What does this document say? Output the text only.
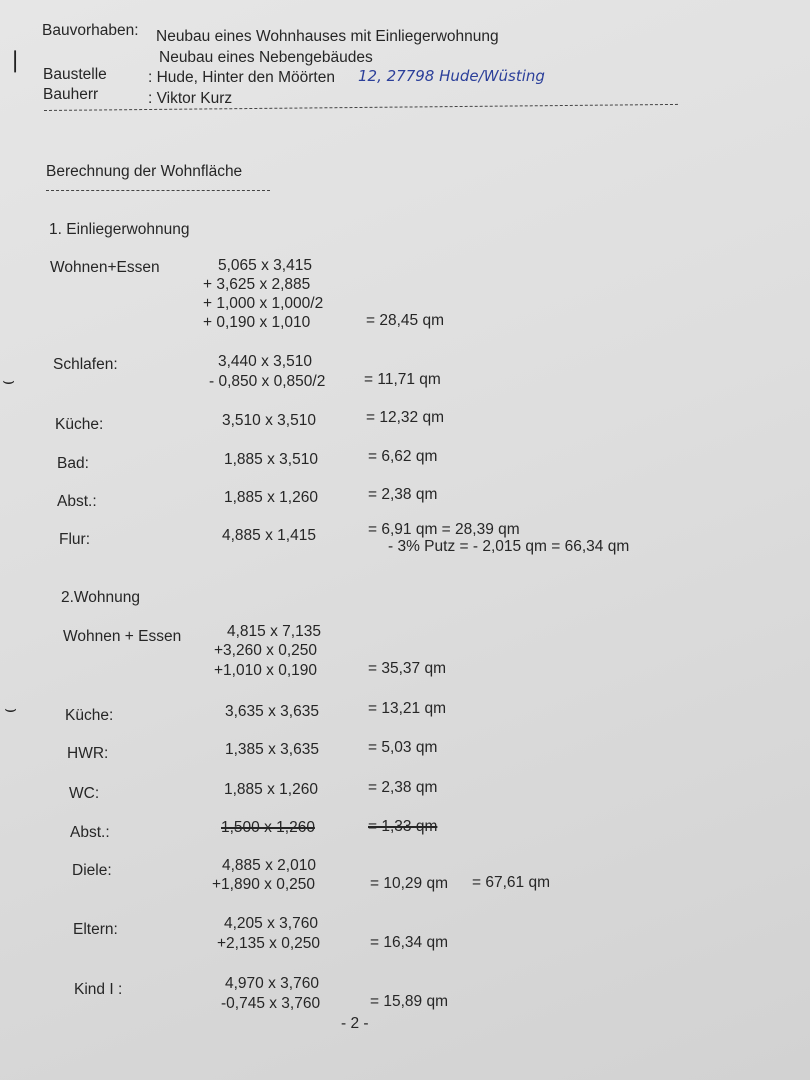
❘
⌣
⌣
Bauvorhaben: Neubau eines Wohnhauses mit Einliegerwohnung
Neubau eines Nebengebäudes
Baustelle	: Hude, Hinter den Möörten 12, 27798 Hude/Wüsting
Bauherr	: Viktor Kurz
Berechnung der Wohnfläche
1. Einliegerwohnung
Wohnen+Essen	5,065 x 3,415
+ 3,625 x 2,885
+ 1,000 x 1,000/2
+ 0,190 x 1,010	= 28,45 qm
Schlafen:	3,440 x 3,510
- 0,850 x 0,850/2 = 11,71 qm
Küche:	3,510 x 3,510	= 12,32 qm
Bad:	1,885 x 3,510	= 6,62 qm
Abst.:	1,885 x 1,260	= 2,38 qm
Flur:	4,885 x 1,415	= 6,91 qm = 28,39 qm
- 3% Putz = - 2,015 qm = 66,34 qm
2.Wohnung
Wohnen + Essen	4,815 x 7,135
+3,260 x 0,250
+1,010 x 0,190	= 35,37 qm
Küche:	3,635 x 3,635	= 13,21 qm
HWR:	1,385 x 3,635	= 5,03 qm
WC:	1,885 x 1,260	= 2,38 qm
Abst.:	1,500 x 1,260	= 1,33 qm
Diele:	4,885 x 2,010
+1,890 x 0,250	= 10,29 qm = 67,61 qm
Eltern:	4,205 x 3,760
+2,135 x 0,250	= 16,34 qm
Kind I :	4,970 x 3,760
-0,745 x 3,760	= 15,89 qm
- 2 -
